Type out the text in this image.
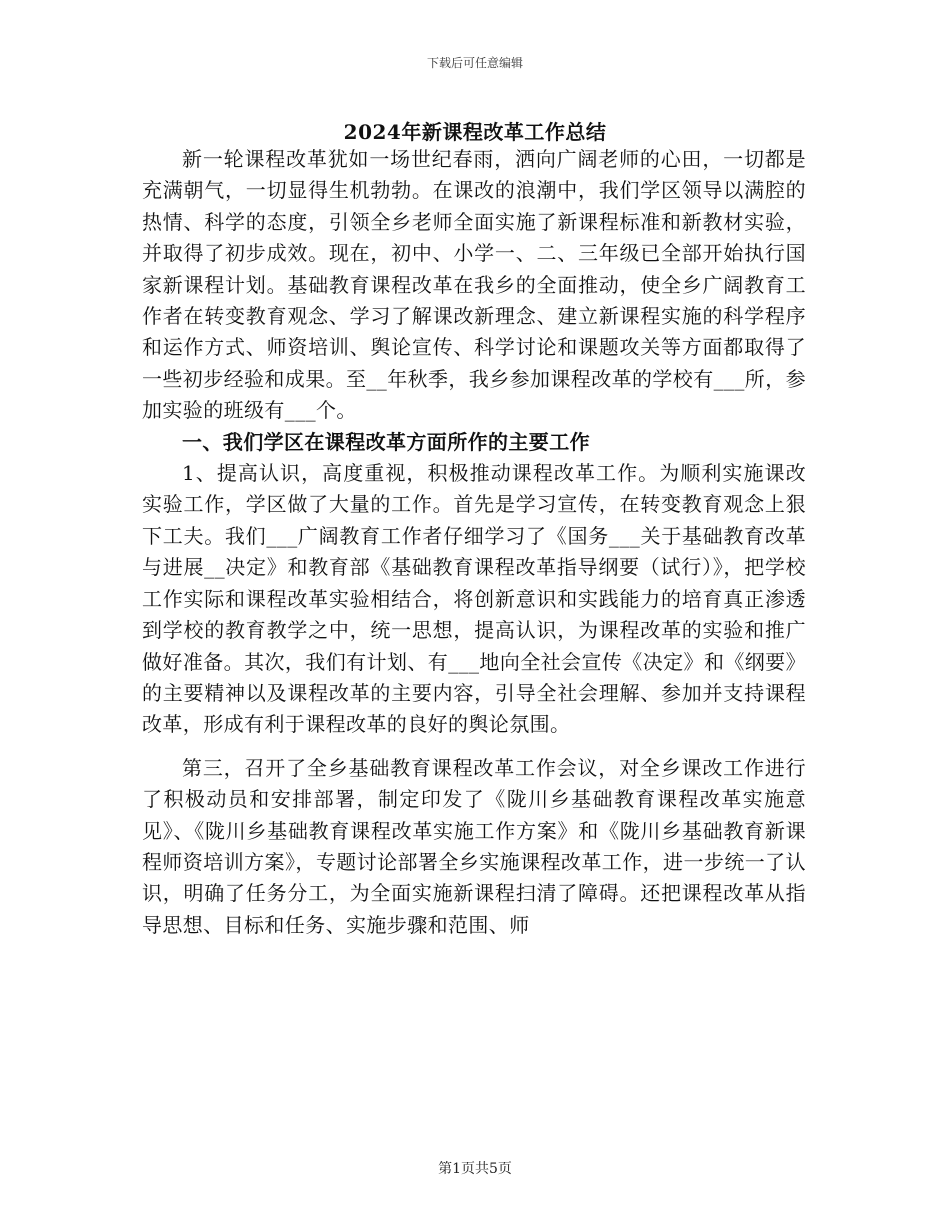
下载后可任意编辑
2024年新课程改革工作总结

新一轮课程改革犹如一场世纪春雨，洒向广阔老师的心田，一切都是充满朝气，一切显得生机勃勃。在课改的浪潮中，我们学区领导以满腔的热情、科学的态度，引领全乡老师全面实施了新课程标准和新教材实验，并取得了初步成效。现在，初中、小学一、二、三年级已全部开始执行国家新课程计划。基础教育课程改革在我乡的全面推动，使全乡广阔教育工作者在转变教育观念、学习了解课改新理念、建立新课程实施的科学程序和运作方式、师资培训、舆论宣传、科学讨论和课题攻关等方面都取得了一些初步经验和成果。至__年秋季，我乡参加课程改革的学校有___所，参加实验的班级有___个。

一、我们学区在课程改革方面所作的主要工作

1、提高认识，高度重视，积极推动课程改革工作。为顺利实施课改实验工作，学区做了大量的工作。首先是学习宣传，在转变教育观念上狠下工夫。我们___广阔教育工作者仔细学习了《国务___关于基础教育改革与进展__决定》和教育部《基础教育课程改革指导纲要（试行）》，把学校工作实际和课程改革实验相结合，将创新意识和实践能力的培育真正渗透到学校的教育教学之中，统一思想，提高认识，为课程改革的实验和推广做好准备。其次，我们有计划、有___地向全社会宣传《决定》和《纲要》的主要精神以及课程改革的主要内容，引导全社会理解、参加并支持课程改革，形成有利于课程改革的良好的舆论氛围。

第三，召开了全乡基础教育课程改革工作会议，对全乡课改工作进行了积极动员和安排部署，制定印发了《陇川乡基础教育课程改革实施意见》、《陇川乡基础教育课程改革实施工作方案》和《陇川乡基础教育新课程师资培训方案》，专题讨论部署全乡实施课程改革工作，进一步统一了认识，明确了任务分工，为全面实施新课程扫清了障碍。还把课程改革从指导思想、目标和任务、实施步骤和范围、师

第1页共5页
